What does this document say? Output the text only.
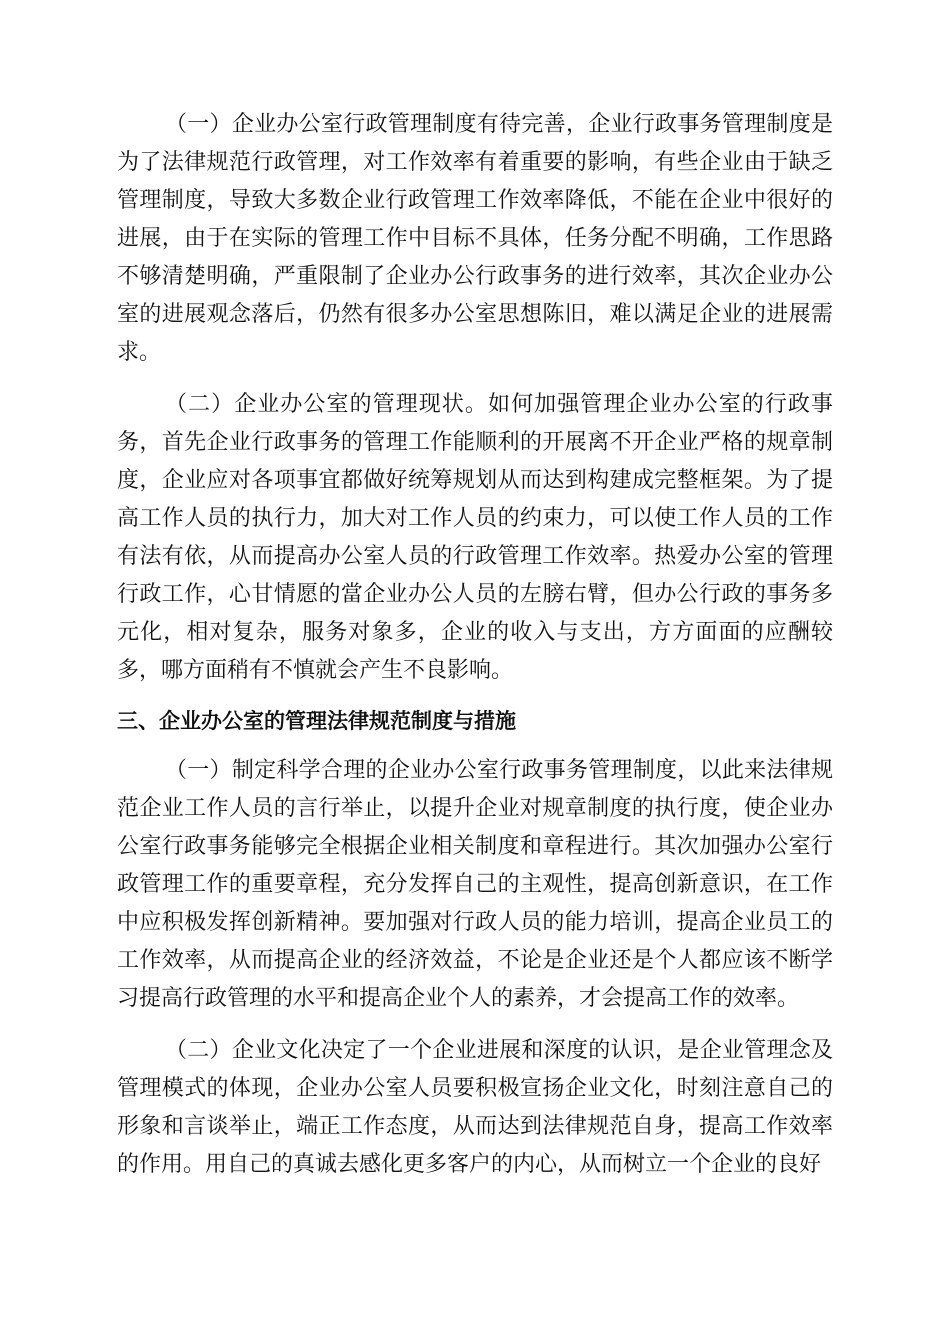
（一）企业办公室行政管理制度有待完善，企业行政事务管理制度是为了法律规范行政管理，对工作效率有着重要的影响，有些企业由于缺乏管理制度，导致大多数企业行政管理工作效率降低，不能在企业中很好的进展，由于在实际的管理工作中目标不具体，任务分配不明确，工作思路不够清楚明确，严重限制了企业办公行政事务的进行效率，其次企业办公室的进展观念落后，仍然有很多办公室思想陈旧，难以满足企业的进展需求。

（二）企业办公室的管理现状。如何加强管理企业办公室的行政事务，首先企业行政事务的管理工作能顺利的开展离不开企业严格的规章制度，企业应对各项事宜都做好统筹规划从而达到构建成完整框架。为了提高工作人员的执行力，加大对工作人员的约束力，可以使工作人员的工作有法有依，从而提高办公室人员的行政管理工作效率。热爱办公室的管理行政工作，心甘情愿的當企业办公人员的左膀右臂，但办公行政的事务多元化，相对复杂，服务对象多，企业的收入与支出，方方面面的应酬较多，哪方面稍有不慎就会产生不良影响。

三、企业办公室的管理法律规范制度与措施

（一）制定科学合理的企业办公室行政事务管理制度，以此来法律规范企业工作人员的言行举止，以提升企业对规章制度的执行度，使企业办公室行政事务能够完全根据企业相关制度和章程进行。其次加强办公室行政管理工作的重要章程，充分发挥自己的主观性，提高创新意识，在工作中应积极发挥创新精神。要加强对行政人员的能力培训，提高企业员工的工作效率，从而提高企业的经济效益，不论是企业还是个人都应该不断学习提高行政管理的水平和提高企业个人的素养，才会提高工作的效率。

（二）企业文化决定了一个企业进展和深度的认识，是企业管理念及管理模式的体现，企业办公室人员要积极宣扬企业文化，时刻注意自己的形象和言谈举止，端正工作态度，从而达到法律规范自身，提高工作效率的作用。用自己的真诚去感化更多客户的内心，从而树立一个企业的良好
